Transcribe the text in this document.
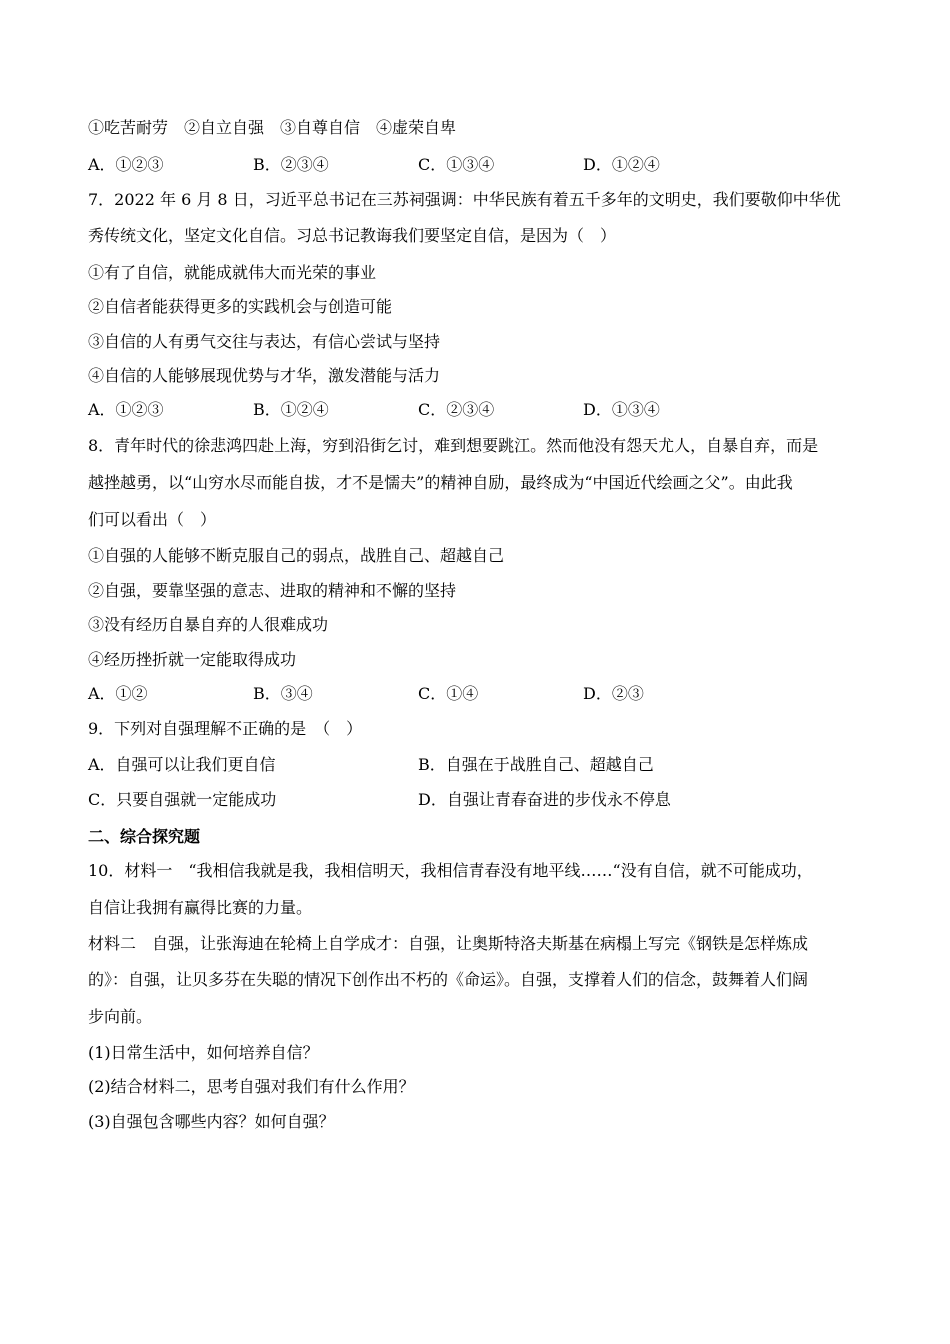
①吃苦耐劳　②自立自强　③自尊自信　④虚荣自卑
A．①②③	B．②③④	C．①③④	D．①②④
7．2022 年 6 月 8 日，习近平总书记在三苏祠强调：中华民族有着五千多年的文明史，我们要敬仰中华优
秀传统文化，坚定文化自信。习总书记教诲我们要坚定自信，是因为（　）
①有了自信，就能成就伟大而光荣的事业
②自信者能获得更多的实践机会与创造可能
③自信的人有勇气交往与表达，有信心尝试与坚持
④自信的人能够展现优势与才华，激发潜能与活力
A．①②③	B．①②④	C．②③④	D．①③④
8．青年时代的徐悲鸿四赴上海，穷到沿街乞讨，难到想要跳江。然而他没有怨天尤人，自暴自弃，而是
越挫越勇，以“山穷水尽而能自拔，才不是懦夫”的精神自励，最终成为“中国近代绘画之父”。由此我
们可以看出（　）
①自强的人能够不断克服自己的弱点，战胜自己、超越自己
②自强，要靠坚强的意志、进取的精神和不懈的坚持
③没有经历自暴自弃的人很难成功
④经历挫折就一定能取得成功
A．①②	B．③④	C．①④	D．②③
9．下列对自强理解不正确的是　（　）
A．自强可以让我们更自信	B．自强在于战胜自己、超越自己
C．只要自强就一定能成功	D．自强让青春奋进的步伐永不停息
二、综合探究题
10．材料一　“我相信我就是我，我相信明天，我相信青春没有地平线……“没有自信，就不可能成功，
自信让我拥有赢得比赛的力量。
材料二　自强，让张海迪在轮椅上自学成才：自强，让奥斯特洛夫斯基在病榻上写完《钢铁是怎样炼成
的》：自强，让贝多芬在失聪的情况下创作出不朽的《命运》。自强，支撑着人们的信念，鼓舞着人们阔
步向前。
(1)日常生活中，如何培养自信？
(2)结合材料二，思考自强对我们有什么作用？
(3)自强包含哪些内容？如何自强？
